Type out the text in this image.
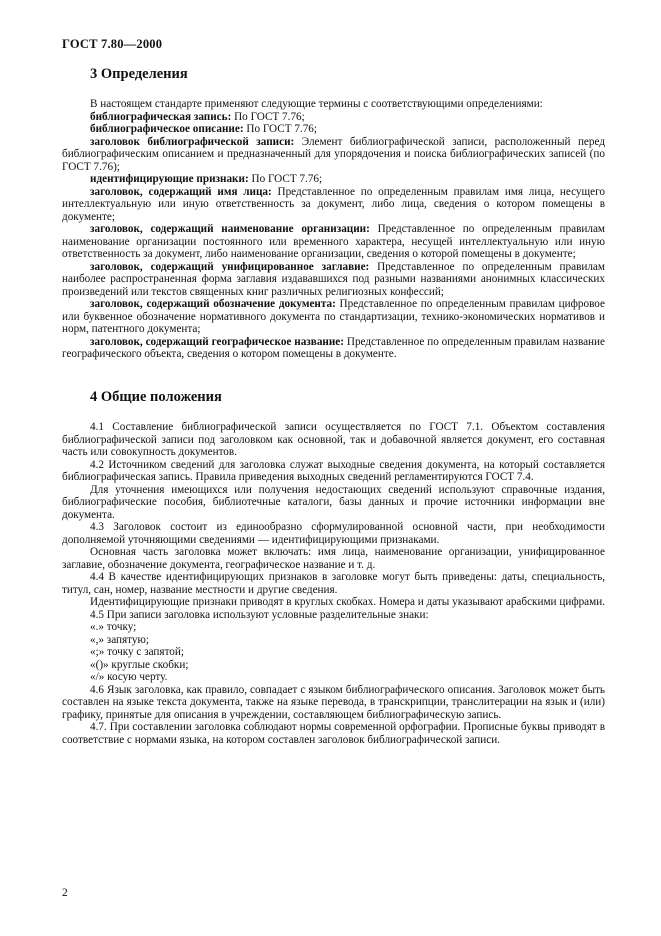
ГОСТ 7.80—2000
3 Определения

В настоящем стандарте применяют следующие термины с соответствующими определениями:

библиографическая запись: По ГОСТ 7.76;

библиографическое описание: По ГОСТ 7.76;

заголовок библиографической записи: Элемент библиографической записи, расположенный перед библиографическим описанием и предназначенный для упорядочения и поиска библиографических записей (по ГОСТ 7.76);

идентифицирующие признаки: По ГОСТ 7.76;

заголовок, содержащий имя лица: Представленное по определенным правилам имя лица, несущего интеллектуальную или иную ответственность за документ, либо лица, сведения о котором помещены в документе;

заголовок, содержащий наименование организации: Представленное по определенным правилам наименование организации постоянного или временного характера, несущей интеллектуальную или иную ответственность за документ, либо наименование организации, сведения о которой помещены в документе;

заголовок, содержащий унифицированное заглавие: Представленное по определенным правилам наиболее распространенная форма заглавия издававшихся под разными названиями анонимных классических произведений или текстов священных книг различных религиозных конфессий;

заголовок, содержащий обозначение документа: Представленное по определенным правилам цифровое или буквенное обозначение нормативного документа по стандартизации, технико-экономических нормативов и норм, патентного документа;

заголовок, содержащий географическое название: Представленное по определенным правилам название географического объекта, сведения о котором помещены в документе.

4 Общие положения

4.1 Составление библиографической записи осуществляется по ГОСТ 7.1. Объектом составления библиографической записи под заголовком как основной, так и добавочной является документ, его составная часть или совокупность документов.

4.2 Источником сведений для заголовка служат выходные сведения документа, на который составляется библиографическая запись. Правила приведения выходных сведений регламентируются ГОСТ 7.4.

Для уточнения имеющихся или получения недостающих сведений используют справочные издания, библиографические пособия, библиотечные каталоги, базы данных и прочие источники информации вне документа.

4.3 Заголовок состоит из единообразно сформулированной основной части, при необходимости дополняемой уточняющими сведениями — идентифицирующими признаками.

Основная часть заголовка может включать: имя лица, наименование организации, унифицированное заглавие, обозначение документа, географическое название и т. д.

4.4 В качестве идентифицирующих признаков в заголовке могут быть приведены: даты, специальность, титул, сан, номер, название местности и другие сведения.

Идентифицирующие признаки приводят в круглых скобках. Номера и даты указывают арабскими цифрами.

4.5 При записи заголовка используют условные разделительные знаки:

«.» точку;

«,» запятую;

«;» точку с запятой;

«()» круглые скобки;

«/» косую черту.

4.6 Язык заголовка, как правило, совпадает с языком библиографического описания. Заголовок может быть составлен на языке текста документа, также на языке перевода, в транскрипции, транслитерации на язык и (или) графику, принятые для описания в учреждении, составляющем библиографическую запись.

4.7. При составлении заголовка соблюдают нормы современной орфографии. Прописные буквы приводят в соответствие с нормами языка, на котором составлен заголовок библиографической записи.

2
